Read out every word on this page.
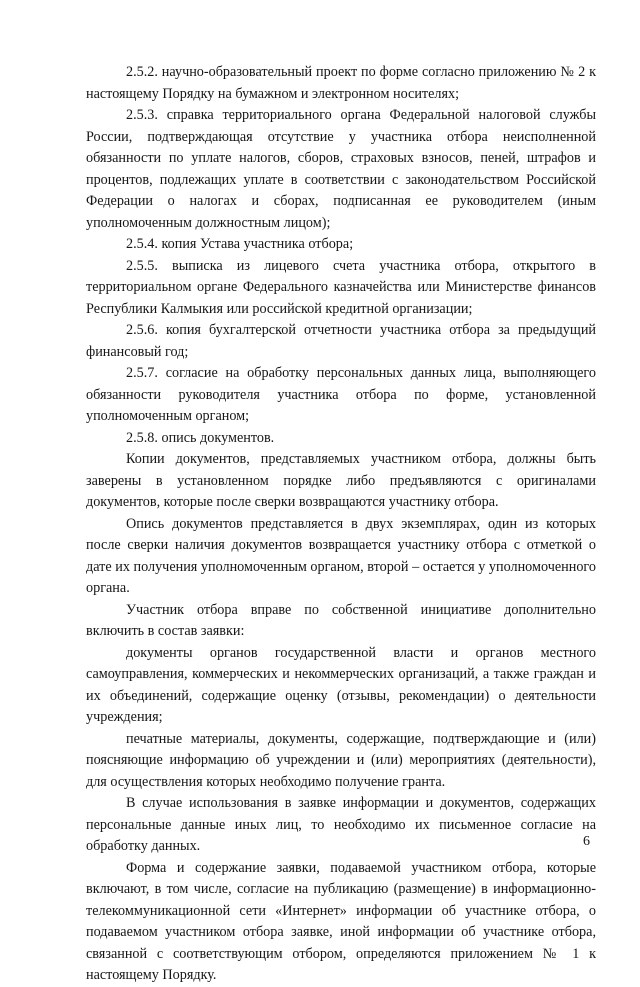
2.5.2. научно-образовательный проект по форме согласно приложению № 2 к настоящему Порядку на бумажном и электронном носителях;

2.5.3. справка территориального органа Федеральной налоговой службы России, подтверждающая отсутствие у участника отбора неисполненной обязанности по уплате налогов, сборов, страховых взносов, пеней, штрафов и процентов, подлежащих уплате в соответствии с законодательством Российской Федерации о налогах и сборах, подписанная ее руководителем (иным уполномоченным должностным лицом);

2.5.4. копия Устава участника отбора;

2.5.5. выписка из лицевого счета участника отбора, открытого в территориальном органе Федерального казначейства или Министерстве финансов Республики Калмыкия или российской кредитной организации;

2.5.6. копия бухгалтерской отчетности участника отбора за предыдущий финансовый год;

2.5.7. согласие на обработку персональных данных лица, выполняющего обязанности руководителя участника отбора по форме, установленной уполномоченным органом;

2.5.8. опись документов.

Копии документов, представляемых участником отбора, должны быть заверены в установленном порядке либо предъявляются с оригиналами документов, которые после сверки возвращаются участнику отбора.

Опись документов представляется в двух экземплярах, один из которых после сверки наличия документов возвращается участнику отбора с отметкой о дате их получения уполномоченным органом, второй – остается у уполномоченного органа.

Участник отбора вправе по собственной инициативе дополнительно включить в состав заявки:

документы органов государственной власти и органов местного самоуправления, коммерческих и некоммерческих организаций, а также граждан и их объединений, содержащие оценку (отзывы, рекомендации) о деятельности учреждения;

печатные материалы, документы, содержащие, подтверждающие и (или) поясняющие информацию об учреждении и (или) мероприятиях (деятельности), для осуществления которых необходимо получение гранта.

В случае использования в заявке информации и документов, содержащих персональные данные иных лиц, то необходимо их письменное согласие на обработку данных.

Форма и содержание заявки, подаваемой участником отбора, которые включают, в том числе, согласие на публикацию (размещение) в информационно-телекоммуникационной сети «Интернет» информации об участнике отбора, о подаваемом участником отбора заявке, иной информации об участнике отбора, связанной с соответствующим отбором, определяются приложением № 1 к настоящему Порядку.

6
